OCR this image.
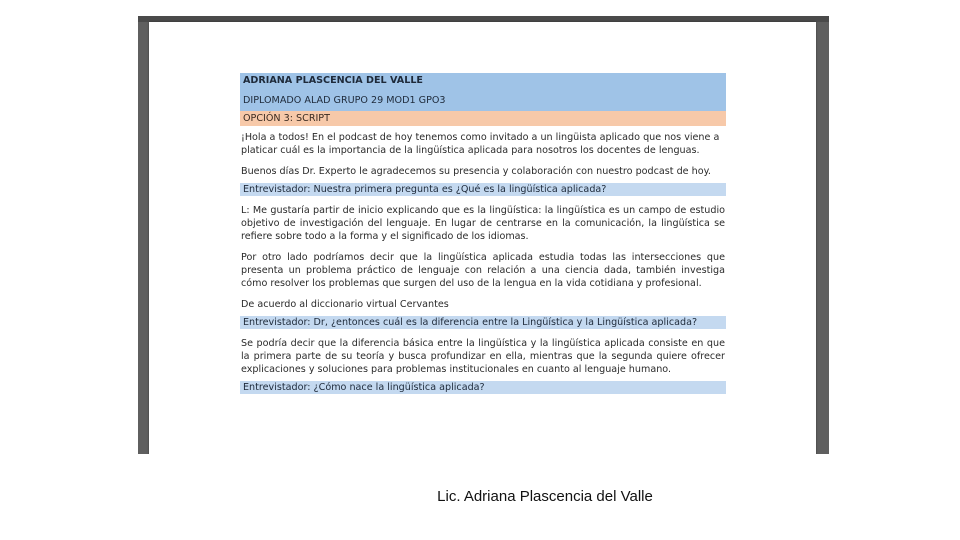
ADRIANA PLASCENCIA DEL VALLE
DIPLOMADO ALAD GRUPO 29 MOD1 GPO3
OPCIÓN 3: SCRIPT

¡Hola a todos! En el podcast de hoy tenemos como invitado a un lingüista aplicado que nos viene a platicar cuál es la importancia de la lingüística aplicada para nosotros los docentes de lenguas.

Buenos días Dr. Experto le agradecemos su presencia y colaboración con nuestro podcast de hoy.

Entrevistador: Nuestra primera pregunta es ¿Qué es la lingüística aplicada?

L: Me gustaría partir de inicio explicando que es la lingüística: la lingüística es un campo de estudio objetivo de investigación del lenguaje. En lugar de centrarse en la comunicación, la lingüística se refiere sobre todo a la forma y el significado de los idiomas.

Por otro lado podríamos decir que la lingüística aplicada estudia todas las intersecciones que presenta un problema práctico de lenguaje con relación a una ciencia dada, también investiga cómo resolver los problemas que surgen del uso de la lengua en la vida cotidiana y profesional.

De acuerdo al diccionario virtual Cervantes

Entrevistador: Dr, ¿entonces cuál es la diferencia entre la Lingüística y la Lingüística aplicada?

Se podría decir que la diferencia básica entre la lingüística y la lingüística aplicada consiste en que la primera parte de su teoría y busca profundizar en ella, mientras que la segunda quiere ofrecer explicaciones y soluciones para problemas institucionales en cuanto al lenguaje humano.

Entrevistador: ¿Cómo nace la lingüística aplicada?
Lic. Adriana Plascencia del Valle
